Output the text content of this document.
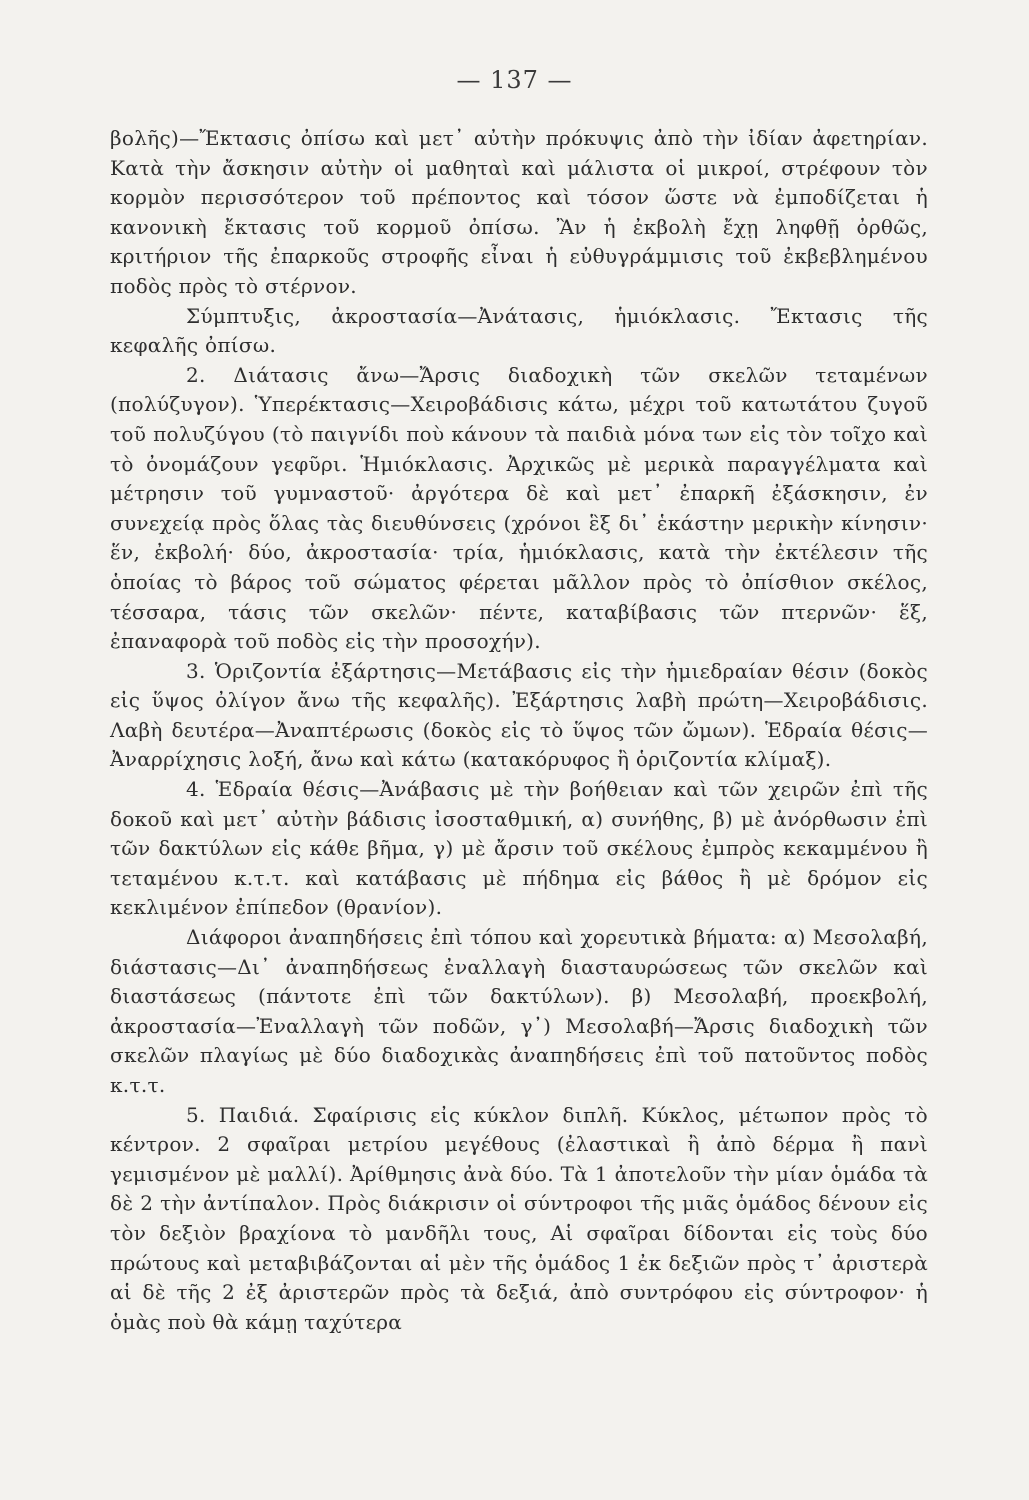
— 137 —

βολῆς)—Ἔκτασις ὀπίσω καὶ μετ᾽ αὐτὴν πρόκυψις ἀπὸ τὴν ἰδίαν ἀφετηρίαν. Κατὰ τὴν ἄσκησιν αὐτὴν οἱ μαθηταὶ καὶ μάλιστα οἱ μικροί, στρέφουν τὸν κορμὸν περισσότερον τοῦ πρέποντος καὶ τόσον ὥστε νὰ ἐμποδίζεται ἡ κανονικὴ ἔκτασις τοῦ κορμοῦ ὀπίσω. Ἂν ἡ ἐκβολὴ ἔχῃ ληφθῇ ὀρθῶς, κριτήριον τῆς ἐπαρκοῦς στροφῆς εἶναι ἡ εὐθυγράμμισις τοῦ ἐκβεβλημένου ποδὸς πρὸς τὸ στέρνον.

Σύμπτυξις, ἀκροστασία—Ἀνάτασις, ἡμιόκλασις. Ἔκτασις τῆς κεφαλῆς ὀπίσω.

2. Διάτασις ἄνω—Ἄρσις διαδοχικὴ τῶν σκελῶν τεταμένων (πολύζυγον). Ὑπερέκτασις—Χειροβάδισις κάτω, μέχρι τοῦ κατωτάτου ζυγοῦ τοῦ πολυζύγου (τὸ παιγνίδι ποὺ κάνουν τὰ παιδιὰ μόνα των εἰς τὸν τοῖχο καὶ τὸ ὀνομάζουν γεφῦρι. Ἡμιόκλασις. Ἀρχικῶς μὲ μερικὰ παραγγέλματα καὶ μέτρησιν τοῦ γυμναστοῦ· ἀργότερα δὲ καὶ μετ᾽ ἐπαρκῆ ἐξάσκησιν, ἐν συνεχείᾳ πρὸς ὅλας τὰς διευθύνσεις (χρόνοι ἓξ δι᾽ ἑκάστην μερικὴν κίνησιν· ἕν, ἐκβολή· δύο, ἀκροστασία· τρία, ἡμιόκλασις, κατὰ τὴν ἐκτέλεσιν τῆς ὁποίας τὸ βάρος τοῦ σώματος φέρεται μᾶλλον πρὸς τὸ ὀπίσθιον σκέλος, τέσσαρα, τάσις τῶν σκελῶν· πέντε, καταβίβασις τῶν πτερνῶν· ἕξ, ἐπαναφορὰ τοῦ ποδὸς εἰς τὴν προσοχήν).

3. Ὁριζοντία ἐξάρτησις—Μετάβασις εἰς τὴν ἡμιεδραίαν θέσιν (δοκὸς εἰς ὕψος ὀλίγον ἄνω τῆς κεφαλῆς). Ἐξάρτησις λαβὴ πρώτη—Χειροβάδισις. Λαβὴ δευτέρα—Ἀναπτέρωσις (δοκὸς εἰς τὸ ὕψος τῶν ὤμων). Ἑδραία θέσις—Ἀναρρίχησις λοξή, ἄνω καὶ κάτω (κατακόρυφος ἢ ὁριζοντία κλίμαξ).

4. Ἑδραία θέσις—Ἀνάβασις μὲ τὴν βοήθειαν καὶ τῶν χειρῶν ἐπὶ τῆς δοκοῦ καὶ μετ᾽ αὐτὴν βάδισις ἰσοσταθμική, α) συνήθης, β) μὲ ἀνόρθωσιν ἐπὶ τῶν δακτύλων εἰς κάθε βῆμα, γ) μὲ ἄρσιν τοῦ σκέλους ἐμπρὸς κεκαμμένου ἢ τεταμένου κ.τ.τ. καὶ κατάβασις μὲ πήδημα εἰς βάθος ἢ μὲ δρόμον εἰς κεκλιμένον ἐπίπεδον (θρανίον).

Διάφοροι ἀναπηδήσεις ἐπὶ τόπου καὶ χορευτικὰ βήματα: α) Μεσολαβή, διάστασις—Δι᾽ ἀναπηδήσεως ἐναλλαγὴ διασταυρώσεως τῶν σκελῶν καὶ διαστάσεως (πάντοτε ἐπὶ τῶν δακτύλων). β) Μεσολαβή, προεκβολή, ἀκροστασία—Ἐναλλαγὴ τῶν ποδῶν, γ᾽) Μεσολαβή—Ἄρσις διαδοχικὴ τῶν σκελῶν πλαγίως μὲ δύο διαδοχικὰς ἀναπηδήσεις ἐπὶ τοῦ πατοῦντος ποδὸς κ.τ.τ.

5. Παιδιά. Σφαίρισις εἰς κύκλον διπλῆ. Κύκλος, μέτωπον πρὸς τὸ κέντρον. 2 σφαῖραι μετρίου μεγέθους (ἐλαστικαὶ ἢ ἀπὸ δέρμα ἢ πανὶ γεμισμένον μὲ μαλλί). Ἀρίθμησις ἀνὰ δύο. Τὰ 1 ἀποτελοῦν τὴν μίαν ὁμάδα τὰ δὲ 2 τὴν ἀντίπαλον. Πρὸς διάκρισιν οἱ σύντροφοι τῆς μιᾶς ὁμάδος δένουν εἰς τὸν δεξιὸν βραχίονα τὸ μανδῆλι τους, Αἱ σφαῖραι δίδονται εἰς τοὺς δύο πρώτους καὶ μεταβιβάζονται αἱ μὲν τῆς ὁμάδος 1 ἐκ δεξιῶν πρὸς τ᾽ ἀριστερὰ αἱ δὲ τῆς 2 ἐξ ἀριστερῶν πρὸς τὰ δεξιά, ἀπὸ συντρόφου εἰς σύντροφον· ἡ ὁμὰς ποὺ θὰ κάμῃ ταχύτερα
